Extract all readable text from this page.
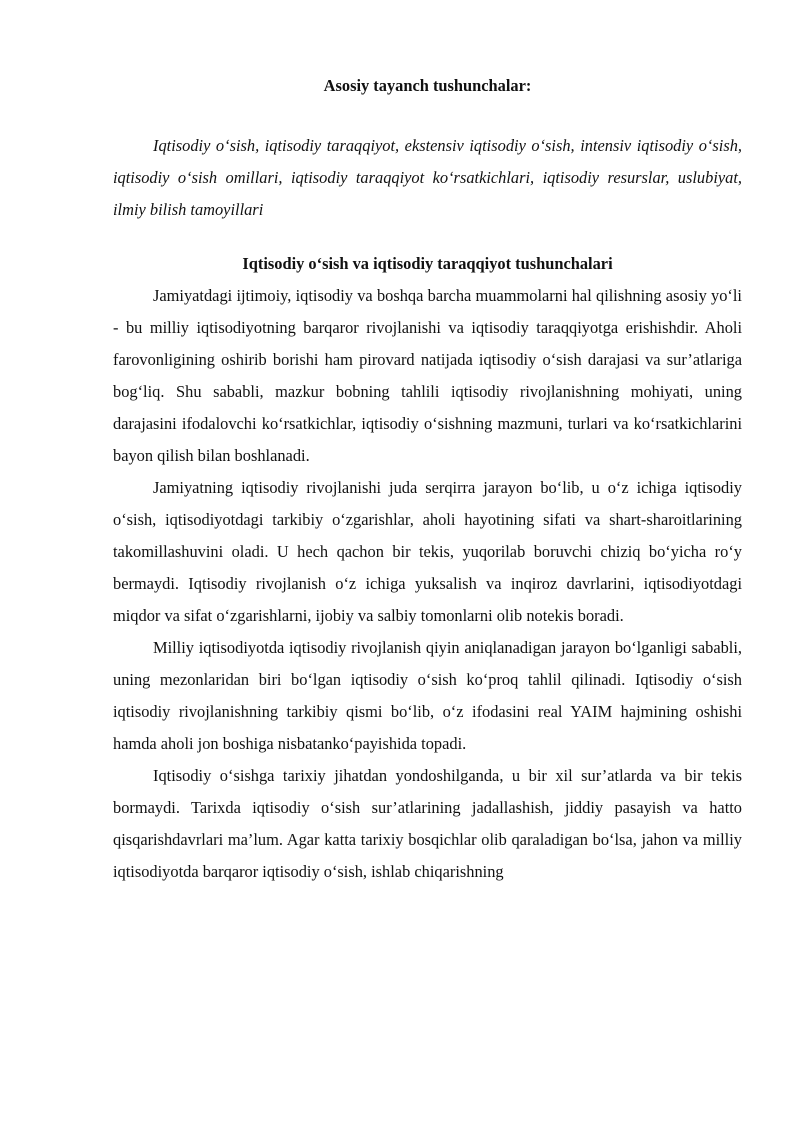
Asosiy tayanch tushunchalar:

Iqtisodiy o‘sish, iqtisodiy taraqqiyot, ekstensiv iqtisodiy o‘sish, intensiv iqtisodiy o‘sish, iqtisodiy o‘sish omillari, iqtisodiy taraqqiyot ko‘rsatkichlari, iqtisodiy resurslar, uslubiyat, ilmiy bilish tamoyillari

Iqtisodiy o‘sish va iqtisodiy taraqqiyot tushunchalari

Jamiyatdagi ijtimoiy, iqtisodiy va boshqa barcha muammolarni hal qilishning asosiy yo‘li - bu milliy iqtisodiyotning barqaror rivojlanishi va iqtisodiy taraqqiyotga erishishdir. Aholi farovonligining oshirib borishi ham pirovard natijada iqtisodiy o‘sish darajasi va sur’atlariga bog‘liq. Shu sababli, mazkur bobning tahlili iqtisodiy rivojlanishning mohiyati, uning darajasini ifodalovchi ko‘rsatkichlar, iqtisodiy o‘sishning mazmuni, turlari va ko‘rsatkichlarini bayon qilish bilan boshlanadi.

Jamiyatning iqtisodiy rivojlanishi juda serqirra jarayon bo‘lib, u o‘z ichiga iqtisodiy o‘sish, iqtisodiyotdagi tarkibiy o‘zgarishlar, aholi hayotining sifati va shart-sharoitlarining takomillashuvini oladi. U hech qachon bir tekis, yuqorilab boruvchi chiziq bo‘yicha ro‘y bermaydi. Iqtisodiy rivojlanish o‘z ichiga yuksalish va inqiroz davrlarini, iqtisodiyotdagi miqdor va sifat o‘zgarishlarni, ijobiy va salbiy tomonlarni olib notekis boradi.

Milliy iqtisodiyotda iqtisodiy rivojlanish qiyin aniqlanadigan jarayon bo‘lganligi sababli, uning mezonlaridan biri bo‘lgan iqtisodiy o‘sish ko‘proq tahlil qilinadi. Iqtisodiy o‘sish iqtisodiy rivojlanishning tarkibiy qismi bo‘lib, o‘z ifodasini real YAIM hajmining oshishi hamda aholi jon boshiga nisbatanko‘payishida topadi.

Iqtisodiy o‘sishga tarixiy jihatdan yondoshilganda, u bir xil sur’atlarda va bir tekis bormaydi. Tarixda iqtisodiy o‘sish sur’atlarining jadallashish, jiddiy pasayish va hatto qisqarishdavrlari ma’lum. Agar katta tarixiy bosqichlar olib qaraladigan bo‘lsa, jahon va milliy iqtisodiyotda barqaror iqtisodiy o‘sish, ishlab chiqarishning
